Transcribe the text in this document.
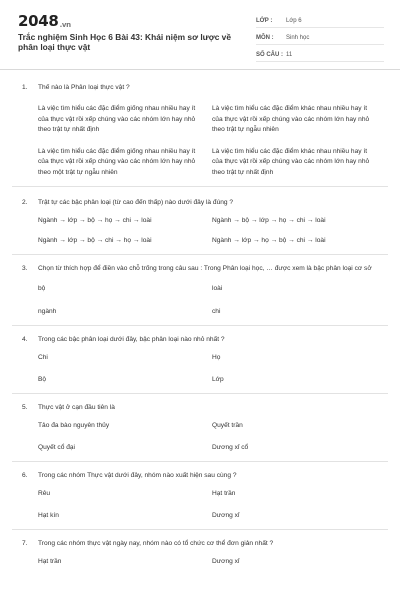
2048.vn
Trắc nghiệm Sinh Học 6 Bài 43: Khái niệm sơ lược về phân loại thực vật
LỚP :	Lớp 6
MÔN :	Sinh học
SỐ CÂU : 11
1. Thế nào là Phân loại thực vật ?
Là việc tìm hiểu các đặc điểm giống nhau nhiều hay ít của thực vật rồi xếp chúng vào các nhóm lớn hay nhỏ theo trật tự nhất định
Là việc tìm hiểu các đặc điểm khác nhau nhiều hay ít của thực vật rồi xếp chúng vào các nhóm lớn hay nhỏ theo trật tự ngẫu nhiên
Là việc tìm hiểu các đặc điểm giống nhau nhiều hay ít của thực vật rồi xếp chúng vào các nhóm lớn hay nhỏ theo một trật tự ngẫu nhiên
Là việc tìm hiểu các đặc điểm khác nhau nhiều hay ít của thực vật rồi xếp chúng vào các nhóm lớn hay nhỏ theo trật tự nhất định
2. Trật tự các bậc phân loại (từ cao đến thấp) nào dưới đây là đúng ?
Ngành → lớp → bộ → họ → chi → loài	Ngành → bộ → lớp → họ → chi → loài
Ngành → lớp → bộ → chi → họ → loài	Ngành → lớp → họ → bộ → chi → loài
3. Chọn từ thích hợp để điền vào chỗ trống trong câu sau : Trong Phân loại học, … được xem là bậc phân loại cơ sở
bộ	loài
ngành	chi
4. Trong các bậc phân loại dưới đây, bậc phân loại nào nhỏ nhất ?
Chi	Họ
Bộ	Lớp
5. Thực vật ở cạn đầu tiên là
Tảo đa bào nguyên thủy	Quyết trần
Quyết cổ đại	Dương xỉ cổ
6. Trong các nhóm Thực vật dưới đây, nhóm nào xuất hiện sau cùng ?
Rêu	Hạt trần
Hạt kín	Dương xỉ
7. Trong các nhóm thực vật ngày nay, nhóm nào có tổ chức cơ thể đơn giản nhất ?
Hạt trần	Dương xỉ
